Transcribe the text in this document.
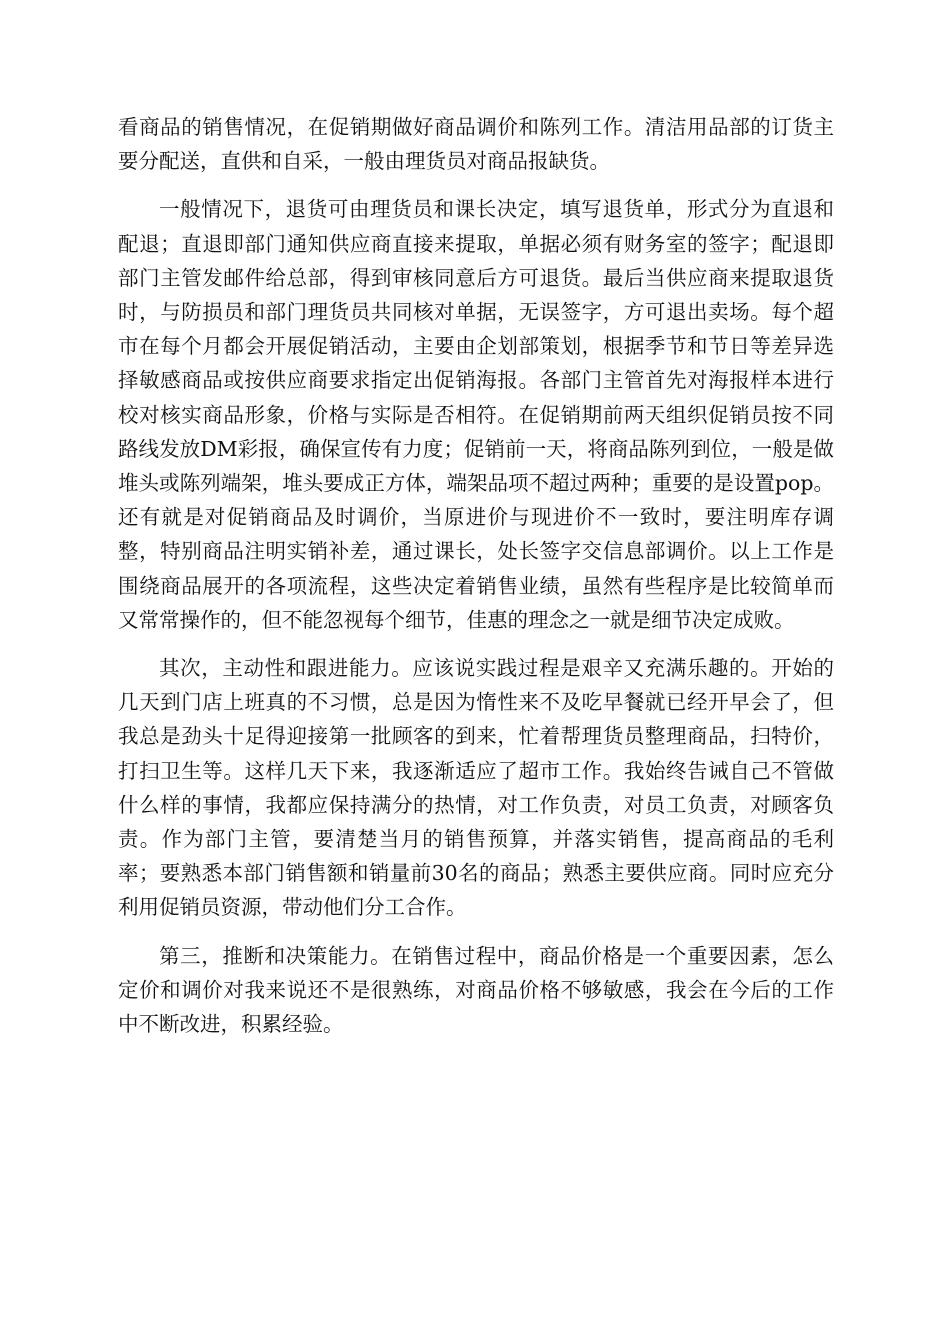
看商品的销售情况，在促销期做好商品调价和陈列工作。清洁用品部的订货主要分配送，直供和自采，一般由理货员对商品报缺货。

一般情况下，退货可由理货员和课长决定，填写退货单，形式分为直退和配退；直退即部门通知供应商直接来提取，单据必须有财务室的签字；配退即部门主管发邮件给总部，得到审核同意后方可退货。最后当供应商来提取退货时，与防损员和部门理货员共同核对单据，无误签字，方可退出卖场。每个超市在每个月都会开展促销活动，主要由企划部策划，根据季节和节日等差异选择敏感商品或按供应商要求指定出促销海报。各部门主管首先对海报样本进行校对核实商品形象，价格与实际是否相符。在促销期前两天组织促销员按不同路线发放DM彩报，确保宣传有力度；促销前一天，将商品陈列到位，一般是做堆头或陈列端架，堆头要成正方体，端架品项不超过两种；重要的是设置pop。还有就是对促销商品及时调价，当原进价与现进价不一致时，要注明库存调整，特别商品注明实销补差，通过课长，处长签字交信息部调价。以上工作是围绕商品展开的各项流程，这些决定着销售业绩，虽然有些程序是比较简单而又常常操作的，但不能忽视每个细节，佳惠的理念之一就是细节决定成败。

其次，主动性和跟进能力。应该说实践过程是艰辛又充满乐趣的。开始的几天到门店上班真的不习惯，总是因为惰性来不及吃早餐就已经开早会了，但我总是劲头十足得迎接第一批顾客的到来，忙着帮理货员整理商品，扫特价，打扫卫生等。这样几天下来，我逐渐适应了超市工作。我始终告诫自己不管做什么样的事情，我都应保持满分的热情，对工作负责，对员工负责，对顾客负责。作为部门主管，要清楚当月的销售预算，并落实销售，提高商品的毛利率；要熟悉本部门销售额和销量前30名的商品；熟悉主要供应商。同时应充分利用促销员资源，带动他们分工合作。

第三，推断和决策能力。在销售过程中，商品价格是一个重要因素，怎么定价和调价对我来说还不是很熟练，对商品价格不够敏感，我会在今后的工作中不断改进，积累经验。
